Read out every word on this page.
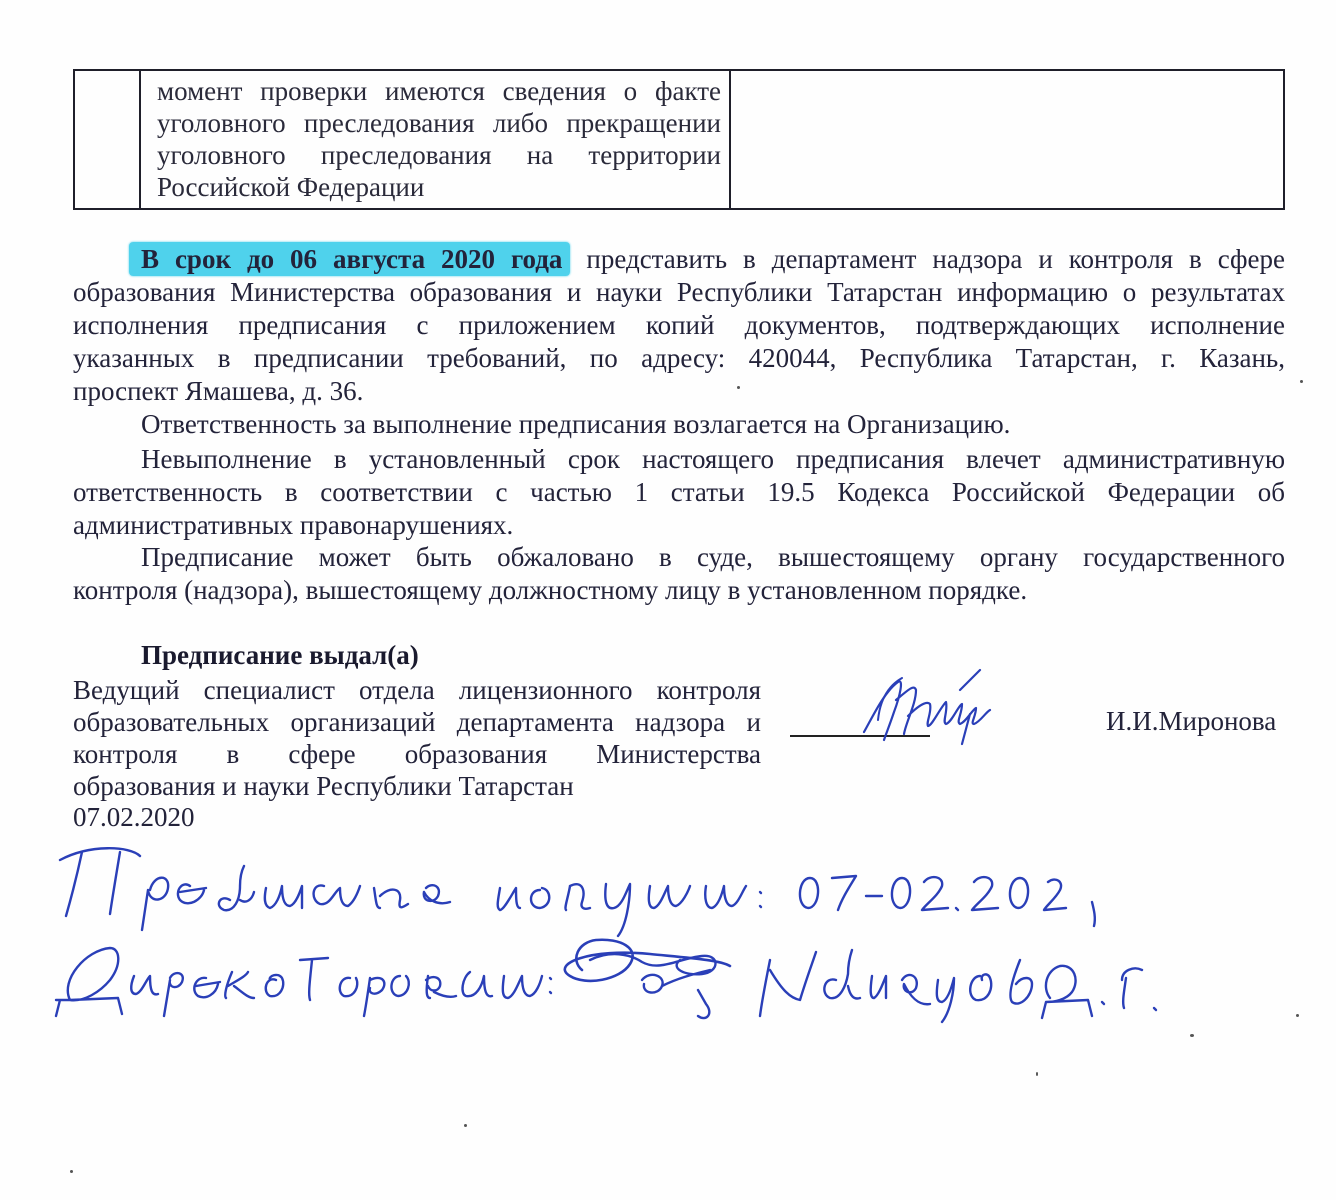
момент проверки имеются сведения о факте
уголовного преследования либо прекращении
уголовного преследования на территории
Российской Федерации
В срок до 06 августа 2020 года представить в департамент надзора и контроля в сфере
образования Министерства образования и науки Республики Татарстан информацию о результатах
исполнения предписания с приложением копий документов, подтверждающих исполнение
указанных в предписании требований, по адресу: 420044, Республика Татарстан, г. Казань,
проспект Ямашева, д. 36.
Ответственность за выполнение предписания возлагается на Организацию.
Невыполнение в установленный срок настоящего предписания влечет административную
ответственность в соответствии с частью 1 статьи 19.5 Кодекса Российской Федерации об
административных правонарушениях.
Предписание может быть обжаловано в суде, вышестоящему органу государственного
контроля (надзора), вышестоящему должностному лицу в установленном порядке.
Предписание выдал(а)
Ведущий специалист отдела лицензионного контроля
образовательных организаций департамента надзора и
контроля в сфере образования Министерства
образования и науки Республики Татарстан
07.02.2020
И.И.Миронова
